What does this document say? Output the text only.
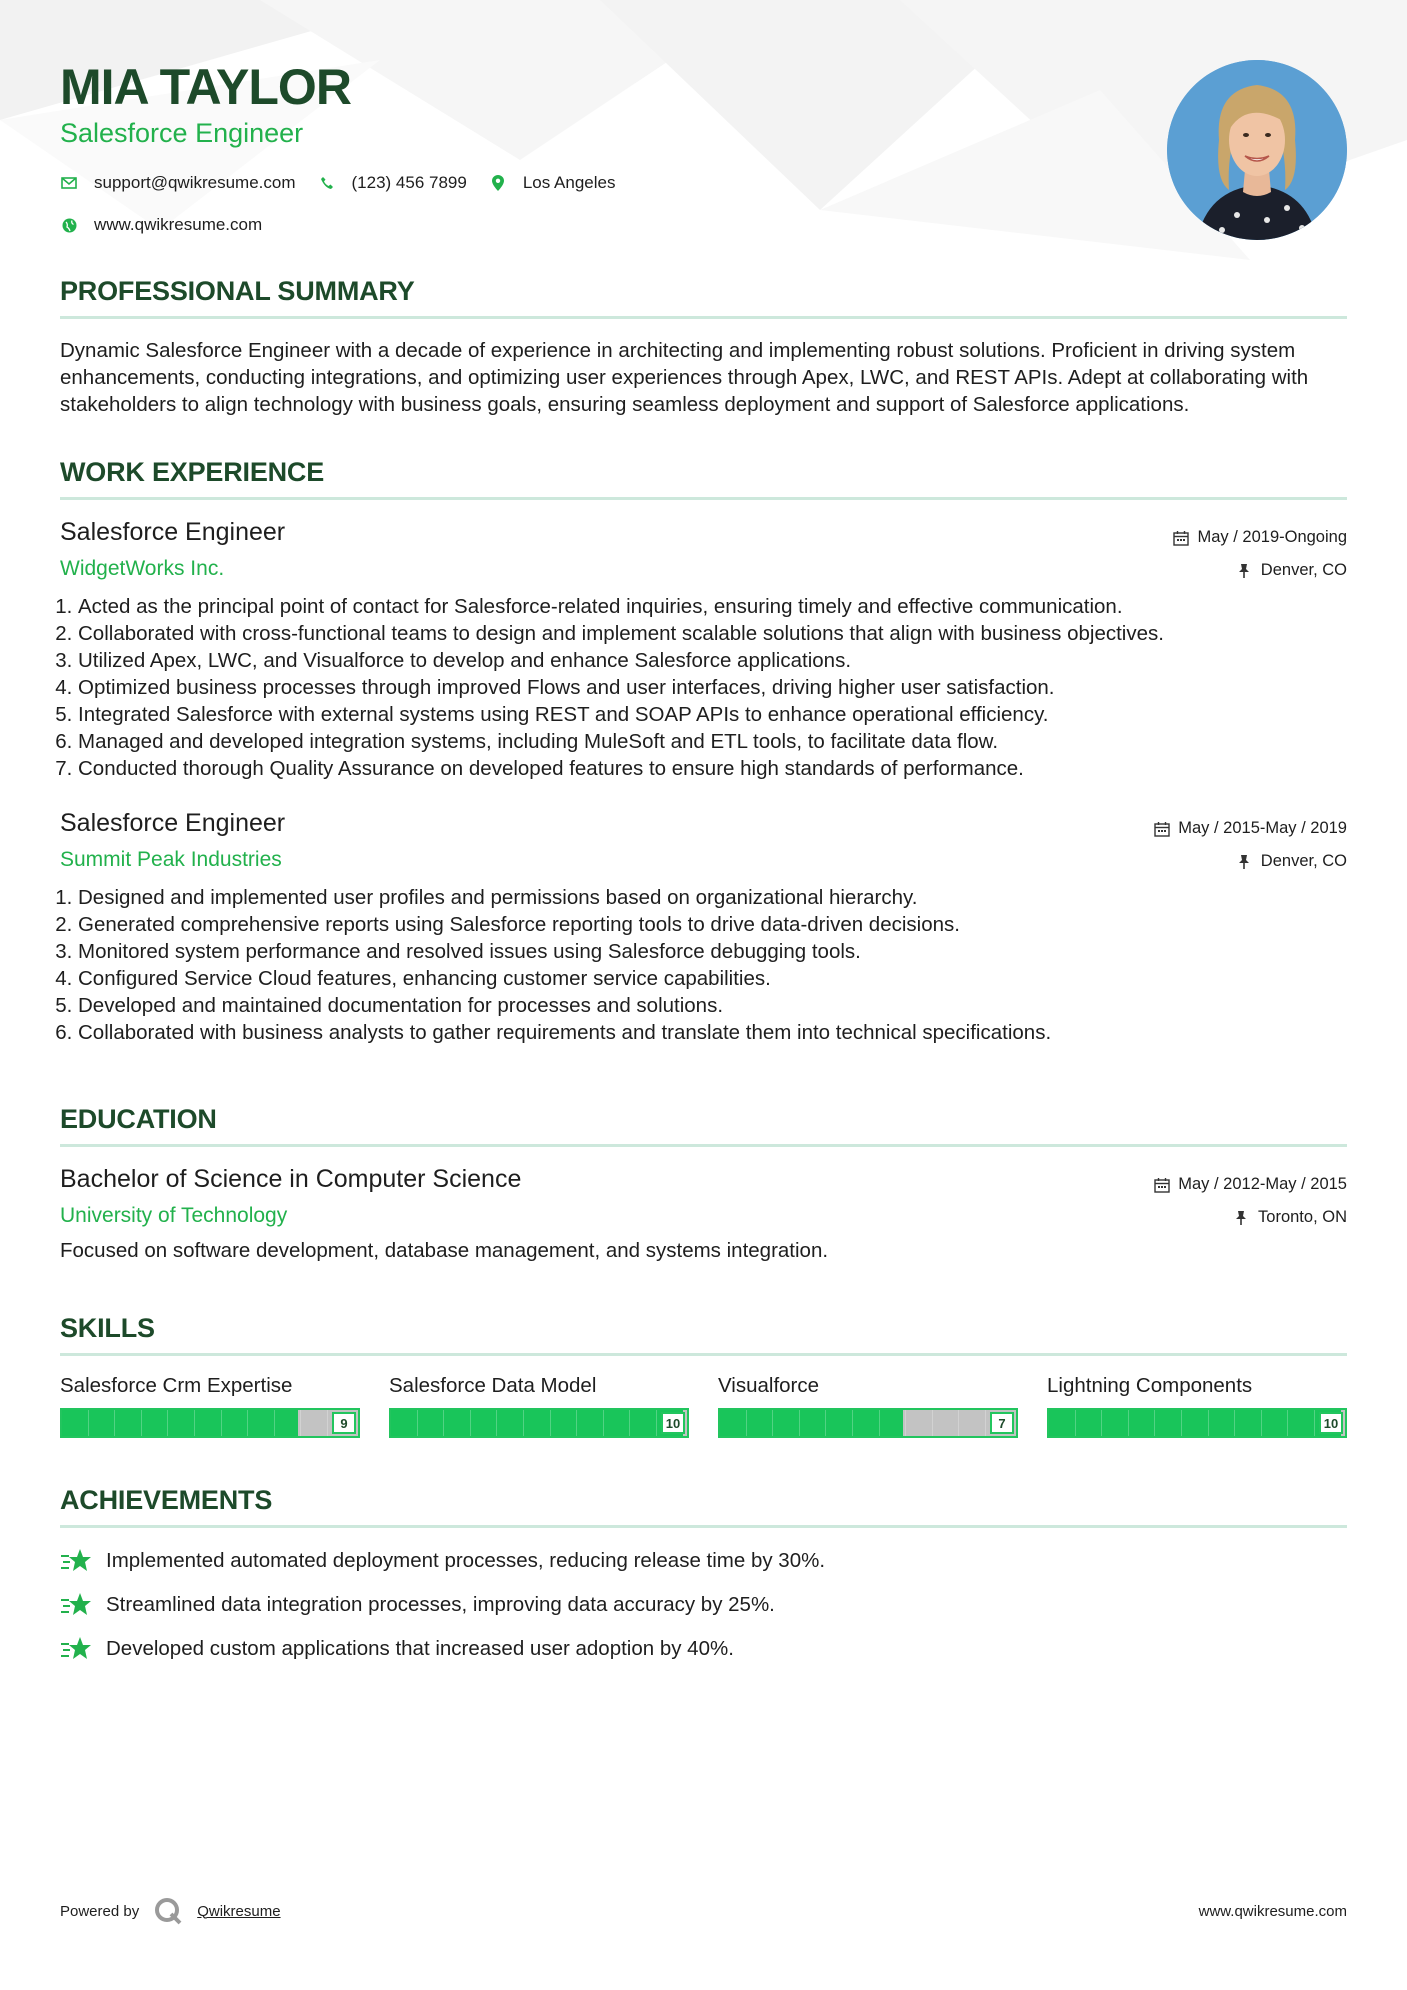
MIA TAYLOR
Salesforce Engineer
support@qwikresume.com	(123) 456 7899	Los Angeles
www.qwikresume.com
PROFESSIONAL SUMMARY

Dynamic Salesforce Engineer with a decade of experience in architecting and implementing robust solutions. Proficient in driving system enhancements, conducting integrations, and optimizing user experiences through Apex, LWC, and REST APIs. Adept at collaborating with stakeholders to align technology with business goals, ensuring seamless deployment and support of Salesforce applications.

WORK EXPERIENCE
Salesforce Engineer
WidgetWorks Inc.
May / 2019-Ongoing
Denver, CO
1. Acted as the principal point of contact for Salesforce-related inquiries, ensuring timely and effective communication.
2. Collaborated with cross-functional teams to design and implement scalable solutions that align with business objectives.
3. Utilized Apex, LWC, and Visualforce to develop and enhance Salesforce applications.
4. Optimized business processes through improved Flows and user interfaces, driving higher user satisfaction.
5. Integrated Salesforce with external systems using REST and SOAP APIs to enhance operational efficiency.
6. Managed and developed integration systems, including MuleSoft and ETL tools, to facilitate data flow.
7. Conducted thorough Quality Assurance on developed features to ensure high standards of performance.
Salesforce Engineer
Summit Peak Industries
May / 2015-May / 2019
Denver, CO
1. Designed and implemented user profiles and permissions based on organizational hierarchy.
2. Generated comprehensive reports using Salesforce reporting tools to drive data-driven decisions.
3. Monitored system performance and resolved issues using Salesforce debugging tools.
4. Configured Service Cloud features, enhancing customer service capabilities.
5. Developed and maintained documentation for processes and solutions.
6. Collaborated with business analysts to gather requirements and translate them into technical specifications.
EDUCATION
Bachelor of Science in Computer Science
University of Technology
May / 2012-May / 2015
Toronto, ON

Focused on software development, database management, and systems integration.

SKILLS
Salesforce Crm Expertise
9
Salesforce Data Model
10
Visualforce
7
Lightning Components
10
ACHIEVEMENTS
Implemented automated deployment processes, reducing release time by 30%.
Streamlined data integration processes, improving data accuracy by 25%.
Developed custom applications that increased user adoption by 40%.
Powered by	Qwikresume	www.qwikresume.com
